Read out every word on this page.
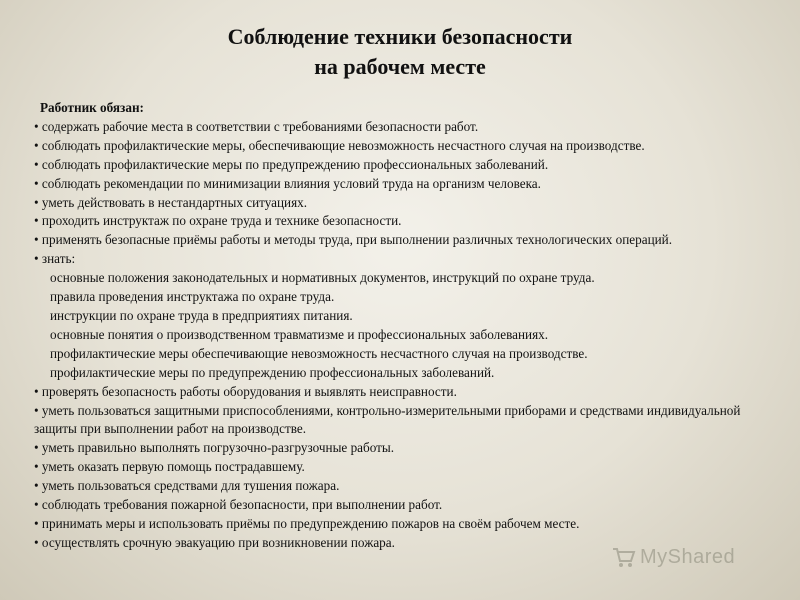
Соблюдение техники безопасности
на рабочем месте
Работник обязан:
• содержать рабочие места в соответствии с требованиями безопасности работ.
• соблюдать профилактические меры, обеспечивающие невозможность несчастного случая на производстве.
• соблюдать профилактические меры по предупреждению профессиональных заболеваний.
• соблюдать рекомендации по минимизации влияния условий труда на организм человека.
• уметь действовать в нестандартных ситуациях.
• проходить инструктаж по охране труда и технике безопасности.
• применять безопасные приёмы работы и методы труда, при выполнении различных технологических операций.
• знать:
основные положения законодательных и нормативных документов, инструкций по охране труда.
правила проведения инструктажа по охране труда.
инструкции по охране труда в предприятиях питания.
основные понятия о производственном травматизме и профессиональных заболеваниях.
профилактические меры обеспечивающие невозможность несчастного случая на производстве.
профилактические меры по предупреждению профессиональных заболеваний.
• проверять безопасность работы оборудования и выявлять неисправности.
• уметь пользоваться защитными приспособлениями, контрольно-измерительными приборами и средствами индивидуальной защиты при выполнении работ на производстве.
• уметь правильно выполнять погрузочно-разгрузочные работы.
• уметь оказать первую помощь пострадавшему.
• уметь пользоваться средствами для тушения пожара.
• соблюдать требования пожарной безопасности, при выполнении работ.
• принимать меры и использовать приёмы по предупреждению пожаров на своём рабочем месте.
• осуществлять срочную эвакуацию при возникновении пожара.
MyShared
